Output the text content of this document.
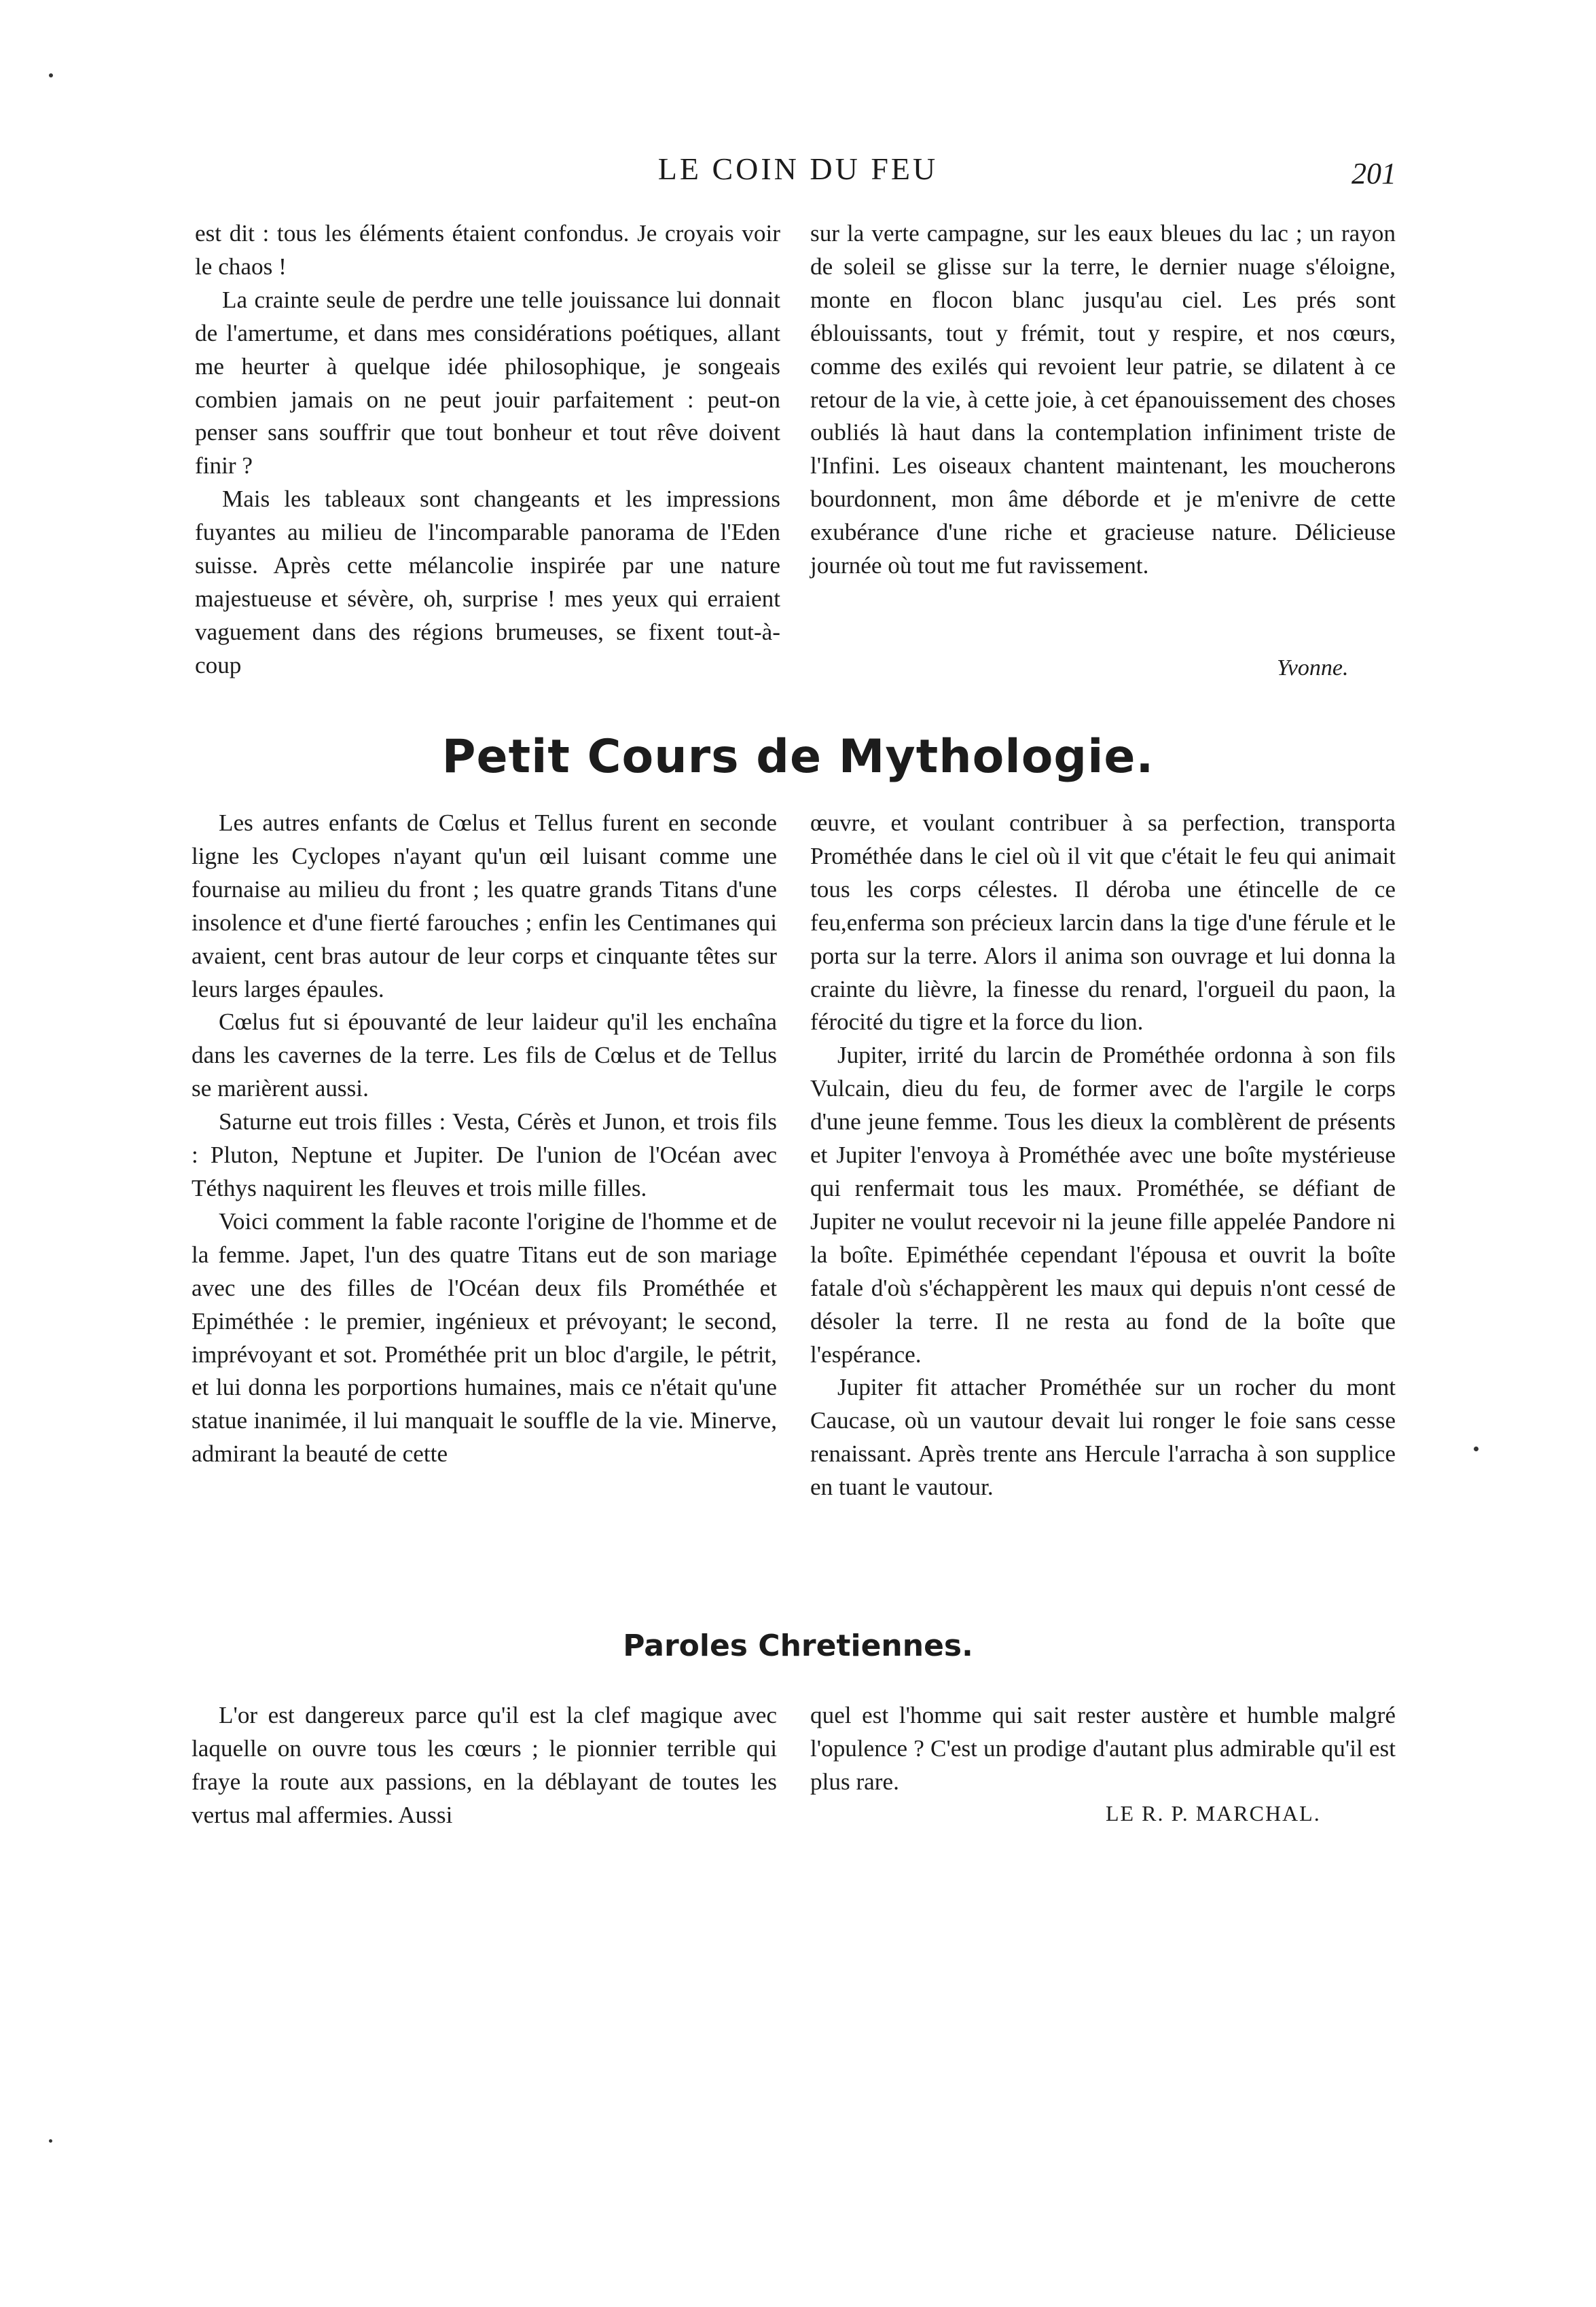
LE COIN DU FEU	201

est dit : tous les éléments étaient confondus. Je croyais voir le chaos !

La crainte seule de perdre une telle jouissance lui donnait de l'amertume, et dans mes considérations poétiques, allant me heurter à quelque idée philosophique, je songeais combien jamais on ne peut jouir parfaitement : peut-on penser sans souffrir que tout bonheur et tout rêve doivent finir ?

Mais les tableaux sont changeants et les impressions fuyantes au milieu de l'incomparable panorama de l'Eden suisse. Après cette mélancolie inspirée par une nature majestueuse et sévère, oh, surprise ! mes yeux qui erraient vaguement dans des régions brumeuses, se fixent tout-à-coup

sur la verte campagne, sur les eaux bleues du lac ; un rayon de soleil se glisse sur la terre, le dernier nuage s'éloigne, monte en flocon blanc jusqu'au ciel. Les prés sont éblouissants, tout y frémit, tout y respire, et nos cœurs, comme des exilés qui revoient leur patrie, se dilatent à ce retour de la vie, à cette joie, à cet épanouissement des choses oubliés là haut dans la contemplation infiniment triste de l'Infini. Les oiseaux chantent maintenant, les moucherons bourdonnent, mon âme déborde et je m'enivre de cette exubérance d'une riche et gracieuse nature. Délicieuse journée où tout me fut ravissement.

Yvonne.
Petit Cours de Mythologie.

Les autres enfants de Cœlus et Tellus furent en seconde ligne les Cyclopes n'ayant qu'un œil luisant comme une fournaise au milieu du front ; les quatre grands Titans d'une insolence et d'une fierté farouches ; enfin les Centimanes qui avaient, cent bras autour de leur corps et cinquante têtes sur leurs larges épaules.

Cœlus fut si épouvanté de leur laideur qu'il les enchaîna dans les cavernes de la terre. Les fils de Cœlus et de Tellus se marièrent aussi.

Saturne eut trois filles : Vesta, Cérès et Junon, et trois fils : Pluton, Neptune et Jupiter. De l'union de l'Océan avec Téthys naquirent les fleuves et trois mille filles.

Voici comment la fable raconte l'origine de l'homme et de la femme. Japet, l'un des quatre Titans eut de son mariage avec une des filles de l'Océan deux fils Prométhée et Epiméthée : le premier, ingénieux et prévoyant; le second, imprévoyant et sot. Prométhée prit un bloc d'argile, le pétrit, et lui donna les porportions humaines, mais ce n'était qu'une statue inanimée, il lui manquait le souffle de la vie. Minerve, admirant la beauté de cette

œuvre, et voulant contribuer à sa perfection, transporta Prométhée dans le ciel où il vit que c'était le feu qui animait tous les corps célestes. Il déroba une étincelle de ce feu,enferma son précieux larcin dans la tige d'une férule et le porta sur la terre. Alors il anima son ouvrage et lui donna la crainte du lièvre, la finesse du renard, l'orgueil du paon, la férocité du tigre et la force du lion.

Jupiter, irrité du larcin de Prométhée ordonna à son fils Vulcain, dieu du feu, de former avec de l'argile le corps d'une jeune femme. Tous les dieux la comblèrent de présents et Jupiter l'envoya à Prométhée avec une boîte mystérieuse qui renfermait tous les maux. Prométhée, se défiant de Jupiter ne voulut recevoir ni la jeune fille appelée Pandore ni la boîte. Epiméthée cependant l'épousa et ouvrit la boîte fatale d'où s'échappèrent les maux qui depuis n'ont cessé de désoler la terre. Il ne resta au fond de la boîte que l'espérance.

Jupiter fit attacher Prométhée sur un rocher du mont Caucase, où un vautour devait lui ronger le foie sans cesse renaissant. Après trente ans Hercule l'arracha à son supplice en tuant le vautour.

Paroles Chretiennes.

L'or est dangereux parce qu'il est la clef magique avec laquelle on ouvre tous les cœurs ; le pionnier terrible qui fraye la route aux passions, en la déblayant de toutes les vertus mal affermies. Aussi

quel est l'homme qui sait rester austère et humble malgré l'opulence ? C'est un prodige d'autant plus admirable qu'il est plus rare.

LE R. P. MARCHAL.
